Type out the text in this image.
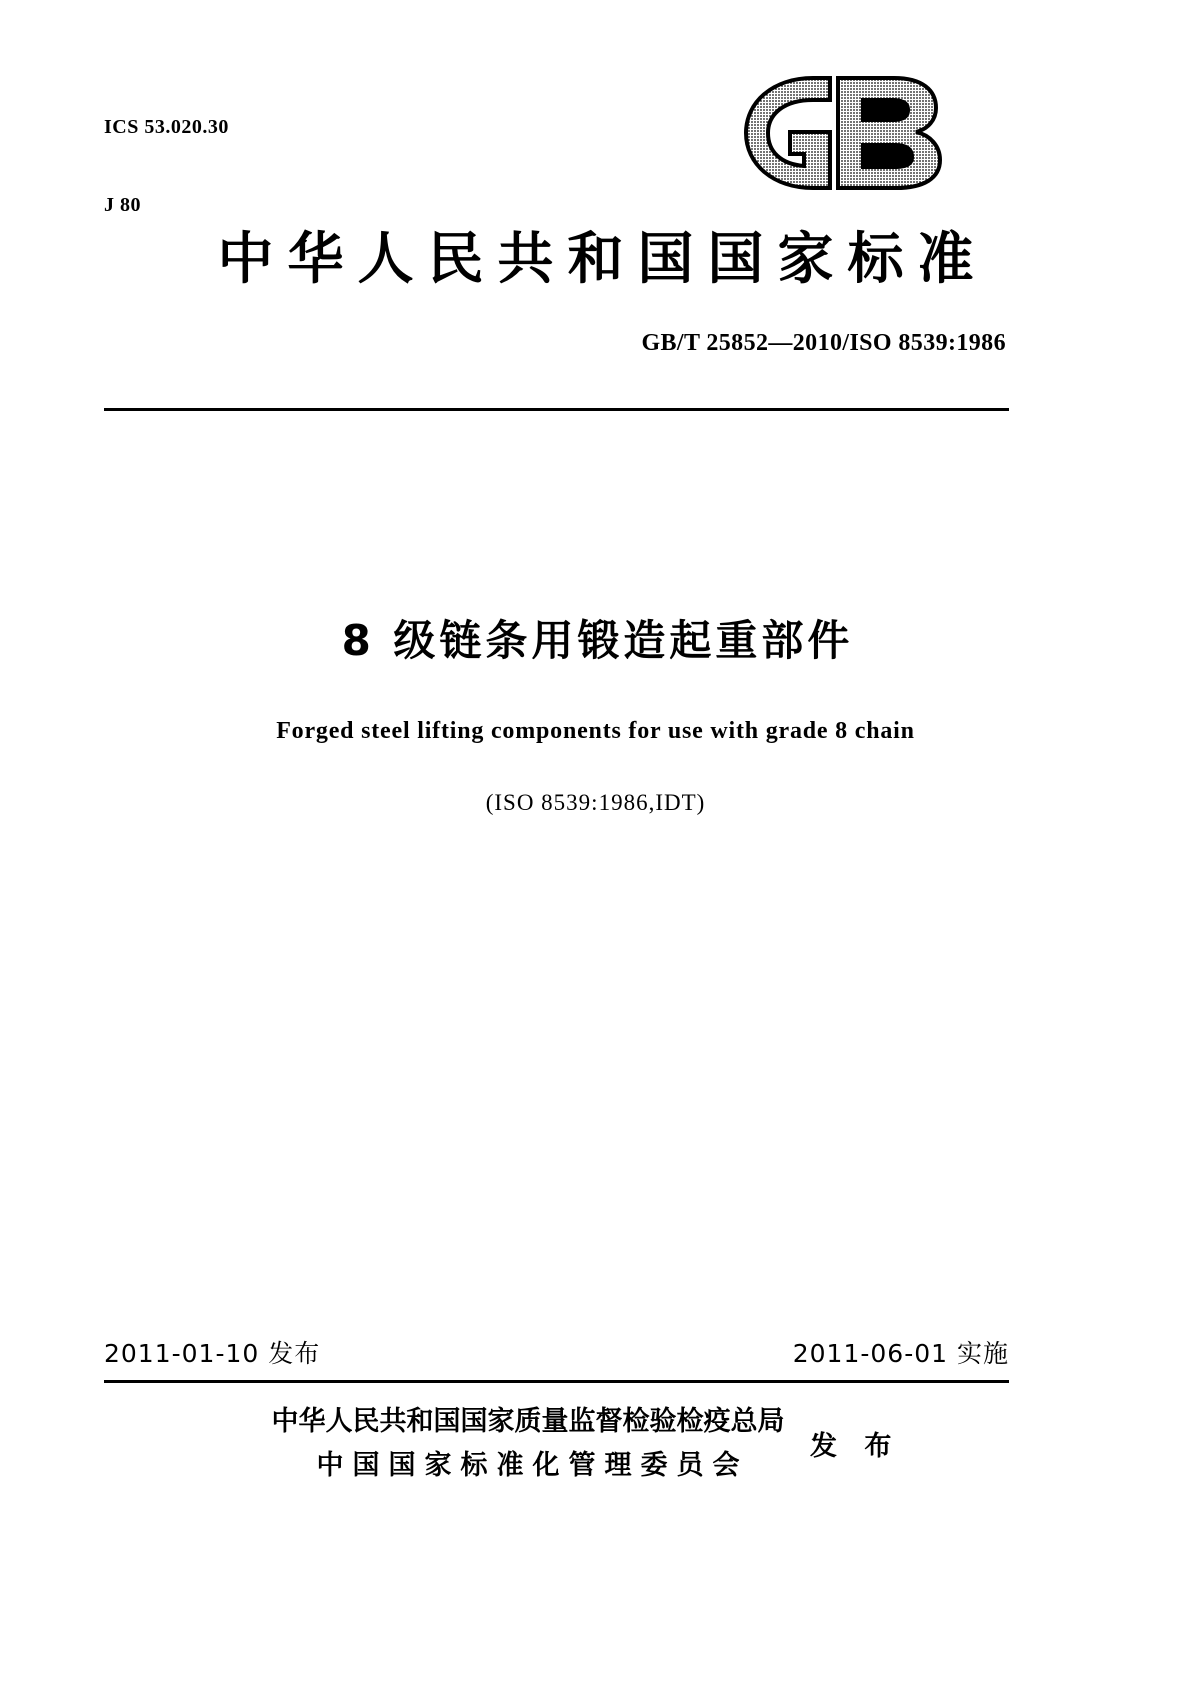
ICS 53.020.30

J 80

中华人民共和国国家标准
GB/T 25852—2010/ISO 8539:1986
8 级链条用锻造起重部件
Forged steel lifting components for use with grade 8 chain
(ISO 8539:1986,IDT)
2011-01-10 发布	2011-06-01 实施
中华人民共和国国家质量监督检验检疫总局
中国国家标准化管理委员会
发 布
